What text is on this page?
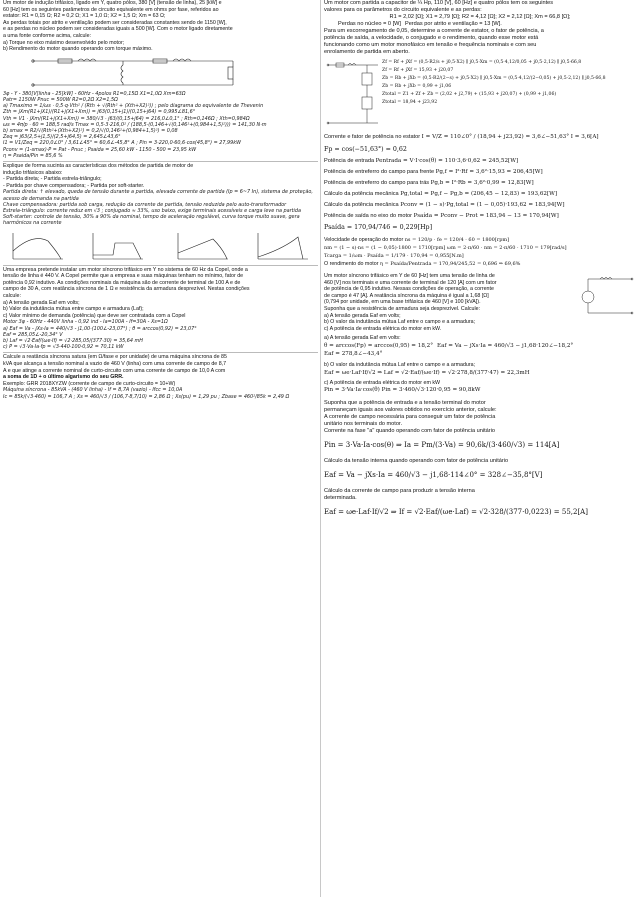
Um motor de indução trifásico, ligado em Y, quatro pólos, 380 [V] (tensão de linha), 25 [kW] e

60 [Hz] tem os seguintes parâmetros de circuito equivalente em ohms por fase, referidos ao

estator: R1 = 0,15 Ω; R2 = 0,2 Ω; X1 = 1,0 Ω; X2 = 1,5 Ω; Xm = 63 Ω;

As perdas totais por atrito e ventilação podem ser consideradas constantes sendo de 1150 [W],

e as perdas no núcleo podem ser consideradas iguais a 500 [W]. Com o motor ligado diretamente

a uma fonte conforme acima, calcule:

a) Torque no eixo máximo desenvolvido pelo motor;

b) Rendimento do motor quando operando com torque máximo.

3φ - Y - 380[V]linha - 25[kW] - 60Hz - 4polos R1=0,15Ω X1=1,0Ω Xm=63Ω

Patr= 1150W Pnuc = 500W R2=0,2Ω X2=1,5Ω

a) Tmaximo = 1/ωs · 0,5·q·Vth² / (Rth + √(Rth² + (Xth+X2)²)) ; pelo diagrama do equivalente de Thevenin

Zth = jXm(R1+jX1)/(R1+j(X1+Xm)) = j63(0,15+j1)/(0,15+j64) = 0,995∠81,6°

Vth = V1 · jXm/(R1+j(X1+Xm)) = 380/√3 · j63/(0,15+j64) = 216,0∠0,1° ; Rth=0,146Ω ; Xth=0,984Ω

ωs = 4π/p · 60 = 188,5 rad/s Tmax = 0,5·3·216,0² / (188,5·(0,146+√(0,146²+(0,984+1,5)²))) = 141,30 N·m

b) smax = R2/√(Rth²+(Xth+X2)²) = 0,2/√(0,146²+(0,984+1,5)²) = 0,08

Zeq = j63(2,5+j1,5)/(2,5+j64,5) = 2,645∠43,6°

I1 = V1/Zeq = 220,0∠0° / 3,61∠45° = 60,6∠-45,8° A ; Pin = 3·220,0·60,6·cos(45,8°) = 27,99kW

Pconv = (1-smax)·P = Pat - Pnuc ; Psaida = 25,60 kW - 1150 - 500 = 23,95 kW

η = Psaida/Pin = 85,6 %

Explique de forma sucinta as características dos métodos de partida de motor de

indução trifásicos abaixo:

- Partida direta; - Partida estrela-triângulo;

- Partida por chave compensadora; - Partida por soft-starter.

Partida direta: ↑ elevado, queda de tensão durante a partida, elevada corrente de partida (Ip = 6~7 In), sistema de proteção, acesso de demanda na partida

Chave compensadora: partida sob carga, redução da corrente de partida, tensão reduzida pelo auto-transformador

Estrela-triângulo: corrente reduz em √3 ; conjugado ≈ 33%, uso baixo, exige terminais acessíveis e carga leve na partida

Soft-starter: controle de tensão, 30% a 90% da nominal, tempo de aceleração regulável, curva torque muito suave, gera harmônicos na corrente

Uma empresa pretende instalar um motor síncrono trifásico em Y no sistema de 60 Hz da Copel, onde a

tensão de linha é 440 V. A Copel permite que a empresa e suas máquinas tenham no mínimo, fator de

potência 0,92 indutivo. As condições nominais da máquina são de corrente de terminal de 100 A e de

campo de 30 A, com reatância síncrona de 1 Ω e resistência da armadura desprezível. Nestas condições

calcule:

a) A tensão gerada Eaf em volts;

b) Valor da indutância mútua entre campo e armadura (Laf);

c) Valor mínimo de demanda (potência) que deve ser contratada com a Copel

Motor 3φ - 60Hz - 440V linha - 0,92 ind - Ia=100A - If=30A - Xs=1Ω

a) Eaf = Va - jXs·Ia = 440/√3 - j1,00·(100∠-23,07°) ; θ = arccos(0,92) = 23,07°

Eaf = 285,05∠-20,34° V

b) Laf = √2·Eaf/(ωe·If) = √2·285,05/(377·30) = 35,64 mH

c) P = √3·Va·Ia·fp = √3·440·100·0,92 = 70,11 kW

Calcule a reatância síncrona satura (em Ω/fase e por unidade) de uma máquina síncrona de 85

kVA que alcança a tensão nominal a vazio de 460 V (linha) com uma corrente de campo de 8,7

A e que atinge a corrente nominal de curto-circuito com uma corrente de campo de 10,0 A com

a soma de 1D + o último algarismo do seu GRR.

Exemplo: GRR 2018XYZW (corrente de campo de curto-circuito = 10+W)

Máquina síncrona - 85kVA - (460 V linha) - If = 8,7A (vazio) - Ifcc = 10,0A

Ic = 85k/(√3·460) = 106,7 A ; Xs = 460/√3 / (106,7·8,7/10) = 2,86 Ω ; Xs(pu) = 1,29 pu ; Zbase = 460²/85k = 2,49 Ω

Um motor com partida a capacitor de ¼ Hp, 110 [V], 60 [Hz] e quatro pólos tem os seguintes

valores para os parâmetros do circuito equivalente e as perdas:

R1 = 2,02 [Ω]; X1 = 2,79 [Ω]; R2 = 4,12 [Ω]; X2 = 2,12 [Ω]; Xm = 66,8 [Ω];

Perdas no núcleo = 0 [W] Perdas por atrito e ventilação = 13 [W].

Para um escorregamento de 0,05, determine a corrente de estator, o fator de potência, a

potência de saída, a velocidade, o conjugado e o rendimento, quando esse motor está

funcionando como um motor monofásico em tensão e frequência nominais e com seu

enrolamento de partida em aberto.

Zf = Rf + jXf = (0,5·R2/s + j0,5·X2) ∥ j0,5·Xm = (0,5·4,12/0,05 + j0,5·2,12) ∥ j0,5·66,8

Zf = Rf + jXf = 15,93 + j20,07

Zb = Rb + jXb = (0,5·R2/(2−s) + j0,5·X2) ∥ j0,5·Xm = (0,5·4,12/(2−0,05) + j0,5·2,12) ∥ j0,5·66,8

Zb = Rb + jXb = 0,99 + j1,06

Ztotal = Z1 + Zf + Zb = (2,02 + j2,79) + (15,93 + j20,07) + (0,99 + j1,06)

Ztotal = 18,94 + j23,92

Corrente e fator de potência no estator I = V/Z = 110∠0° / (18,94 + j23,92) = 3,6∠−51,63° I = 3,6[A]

Fp = cos(−51,63°) = 0,62

Potência de entrada Pentrada = V·I·cos(θ) = 110·3,6·0,62 = 245,52[W]

Potência de entreferro do campo para frente Pg,f = I²·Rf = 3,6²·15,93 = 206,45[W]

Potência de entreferro do campo para trás Pg,b = I²·Rb = 3,6²·0,99 = 12,83[W]

Cálculo da potência mecânica Pg,total = Pg,f − Pg,b = (206,45 − 12,83) = 193,62[W]

Cálculo da potência mecânica Pconv = (1 − s)·Pg,total = (1 − 0,05)·193,62 = 183,94[W]

Potência de saída no eixo do motor Psaída = Pconv − Prot = 183,94 − 13 = 170,94[W]

Psaída = 170,94/746 = 0,229[Hp]

Velocidade de operação do motor ns = 120/p · fe = 120/4 · 60 = 1800[rpm]

nm = (1 − s)·ns = (1 − 0,05)·1800 = 1710[rpm] ωm = 2·π/60 · nm = 2·π/60 · 1710 = 179[rad/s]

Tcarga = 1/ωm · Psaída = 1/179 · 170,94 = 0,955[N.m]

O rendimento do motor η = Psaída/Pentrada = 170,94/245,52 = 0,696 ⇒ 69,6%

Um motor síncrono trifásico em Y de 60 [Hz] tem uma tensão de linha de

460 [V] nos terminais e uma corrente de terminal de 120 [A] com um fator

de potência de 0,95 indutivo. Nessas condições de operação, a corrente

de campo é 47 [A]. A reatância síncrona da máquina é igual a 1,68 [Ω]

(0,794 por unidade, em uma base trifásica de 460 [V] e 100 [kVA]).

Suponha que a resistência de armadura seja desprezível. Calcule:

a) A tensão gerada Eaf em volts;

b) O valor da indutância mútua Laf entre o campo e a armadura;

c) A potência de entrada elétrica do motor em kW.

a) A tensão gerada Eaf em volts:

θ = arccos(Fp) = arccos(0,95) = 18,2° Eaf = Va − jXs·Ia = 460/√3 − j1,68·120∠−18,2°

Eaf = 278,8∠−43,4°

b) O valor da indutância mútua Laf entre o campo e a armadura;

Eaf = ωe·Laf·If/√2 ⇒ Laf = √2·Eaf/(ωe·If) = √2·278,8/(377·47) = 22,3mH

c) A potência de entrada elétrica do motor em kW

Pin = 3·Va·Ia·cos(θ) Pin = 3·460/√3·120·0,95 = 90,8kW

Suponha que a potência de entrada e a tensão terminal do motor

permaneçam iguais aos valores obtidos no exercício anterior, calcule:

A corrente de campo necessária para conseguir um fator de potência

unitário nos terminais do motor.

Corrente na fase "a" quando operando com fator de potência unitário

Pin = 3·Va·Ia·cos(θ) ⇒ Ia = Pm/(3·Va) = 90,6k/(3·460/√3) = 114[A]

Cálculo da tensão interna quando operando com fator de potência unitário

Eaf = Va − jXs·Ia = 460/√3 − j1,68·114∠0° = 328∠−35,8°[V]

Cálculo da corrente de campo para produzir a tensão interna

determinada.

Eaf = ωe·Laf·If/√2 ⇒ If = √2·Eaf/(ωe·Laf) = √2·328/(377·0,0223) = 55,2[A]
